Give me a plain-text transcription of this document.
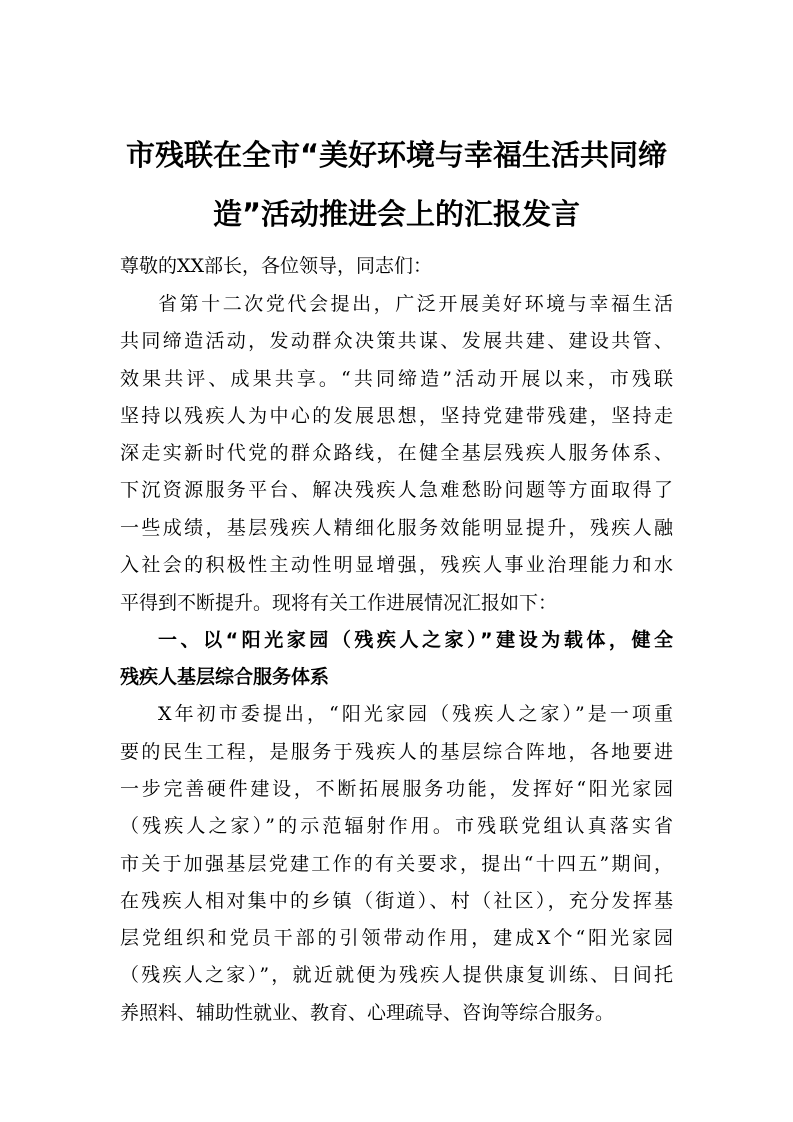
市残联在全市“美好环境与幸福生活共同缔
造”活动推进会上的汇报发言
尊敬的XX部长，各位领导，同志们：
省第十二次党代会提出，广泛开展美好环境与幸福生活
共同缔造活动，发动群众决策共谋、发展共建、建设共管、
效果共评、成果共享。“共同缔造”活动开展以来，市残联
坚持以残疾人为中心的发展思想，坚持党建带残建，坚持走
深走实新时代党的群众路线，在健全基层残疾人服务体系、
下沉资源服务平台、解决残疾人急难愁盼问题等方面取得了
一些成绩，基层残疾人精细化服务效能明显提升，残疾人融
入社会的积极性主动性明显增强，残疾人事业治理能力和水
平得到不断提升。现将有关工作进展情况汇报如下：
一、以“阳光家园（残疾人之家）”建设为载体，健全
残疾人基层综合服务体系
X年初市委提出，“阳光家园（残疾人之家）”是一项重
要的民生工程，是服务于残疾人的基层综合阵地，各地要进
一步完善硬件建设，不断拓展服务功能，发挥好“阳光家园
（残疾人之家）”的示范辐射作用。市残联党组认真落实省
市关于加强基层党建工作的有关要求，提出“十四五”期间，
在残疾人相对集中的乡镇（街道）、村（社区），充分发挥基
层党组织和党员干部的引领带动作用，建成X个“阳光家园
（残疾人之家）”，就近就便为残疾人提供康复训练、日间托
养照料、辅助性就业、教育、心理疏导、咨询等综合服务。
